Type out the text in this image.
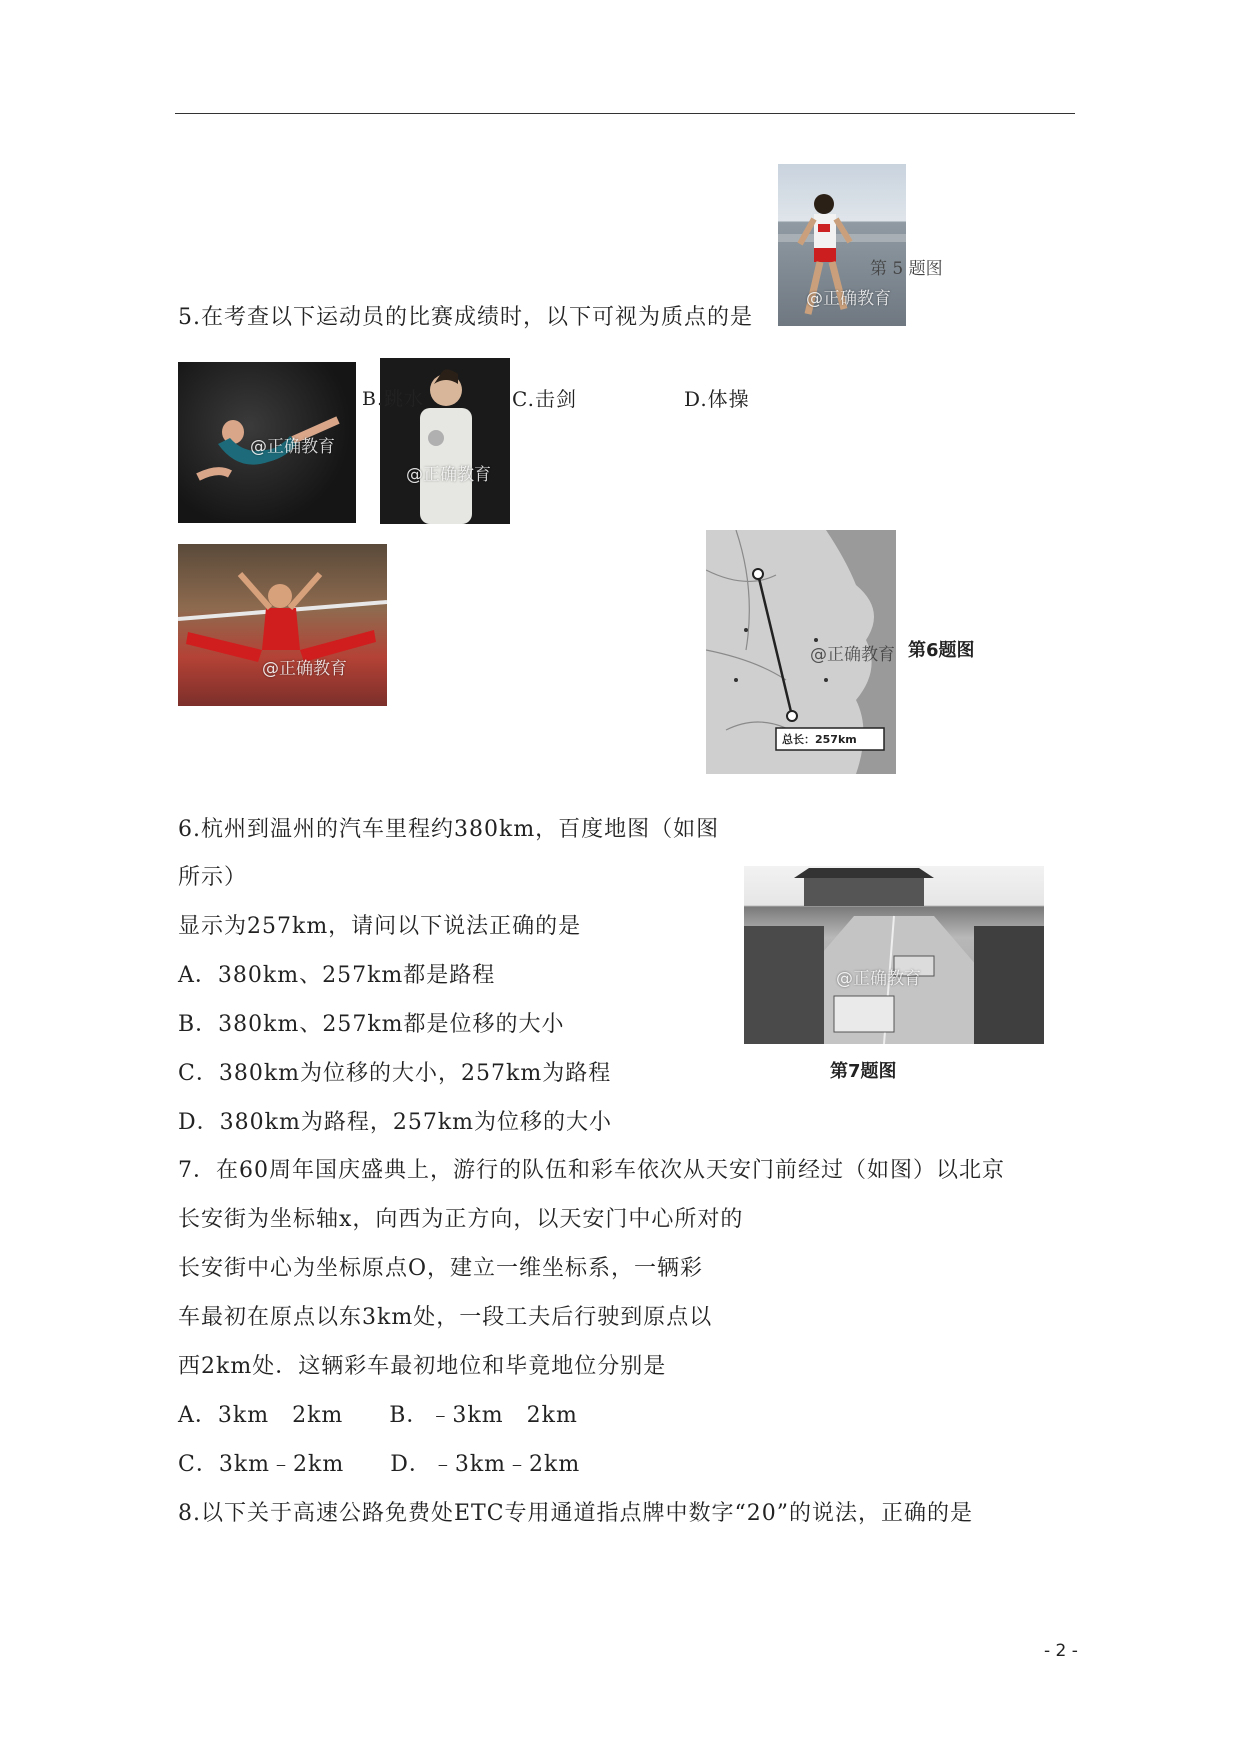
@正确教育
第 5 题图
5.在考查以下运动员的比赛成绩时，以下可视为质点的是
@正确教育
@正确教育
B.跳水	C.击剑	D.体操
@正确教育
总长：257km
@正确教育 第6题图
6.杭州到温州的汽车里程约380km，百度地图（如图
所示）
显示为257km，请问以下说法正确的是
A．380km、257km都是路程
B．380km、257km都是位移的大小
C．380km为位移的大小，257km为路程
D．380km为路程，257km为位移的大小
@正确教育
第7题图
7．在60周年国庆盛典上，游行的队伍和彩车依次从天安门前经过（如图）以北京
长安街为坐标轴x，向西为正方向，以天安门中心所对的
长安街中心为坐标原点O，建立一维坐标系，一辆彩
车最初在原点以东3km处，一段工夫后行驶到原点以
西2km处．这辆彩车最初地位和毕竟地位分别是
A．3km　2km　　B．﹣3km　2km
C．3km﹣2km　　D．﹣3km﹣2km
8.以下关于高速公路免费处ETC专用通道指点牌中数字“20”的说法，正确的是
- 2 -
